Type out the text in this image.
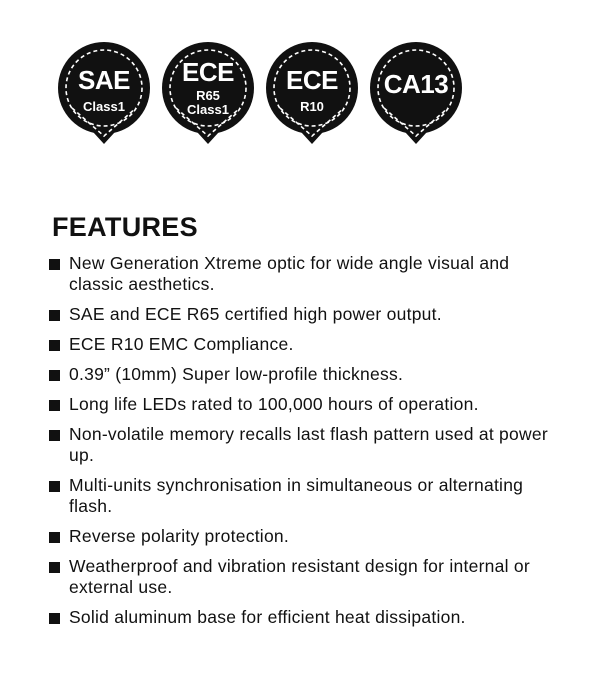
SAE
Class1
ECE
R65
Class1
ECE
R10
CA13
FEATURES
New Generation Xtreme optic for wide angle visual and classic aesthetics.
SAE and ECE R65 certified high power output.
ECE R10 EMC Compliance.
0.39” (10mm) Super low-profile thickness.
Long life LEDs rated to 100,000 hours of operation.
Non-volatile memory recalls last flash pattern used at power up.
Multi-units synchronisation in simultaneous or alternating flash.
Reverse polarity protection.
Weatherproof and vibration resistant design for internal or external use.
Solid aluminum base for efficient heat dissipation.
